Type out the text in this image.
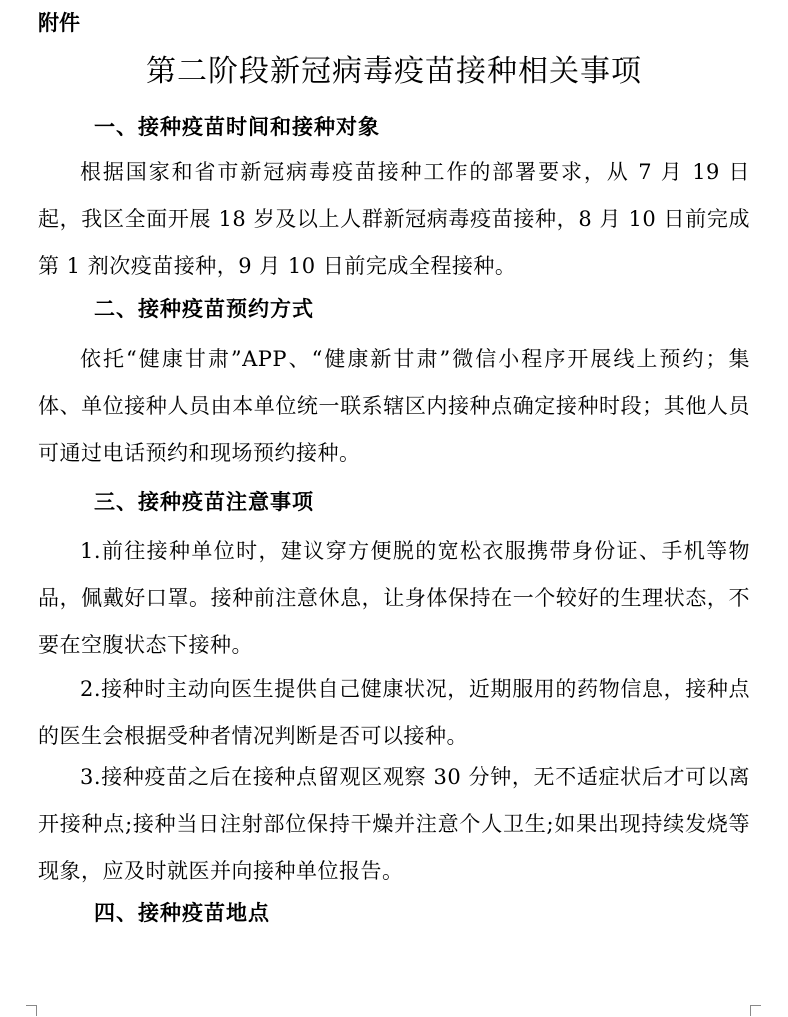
附件
第二阶段新冠病毒疫苗接种相关事项
一、接种疫苗时间和接种对象

根据国家和省市新冠病毒疫苗接种工作的部署要求，从 7 月 19 日起，我区全面开展 18 岁及以上人群新冠病毒疫苗接种，8 月 10 日前完成第 1 剂次疫苗接种，9 月 10 日前完成全程接种。

二、接种疫苗预约方式

依托“健康甘肃”APP、“健康新甘肃”微信小程序开展线上预约；集体、单位接种人员由本单位统一联系辖区内接种点确定接种时段；其他人员可通过电话预约和现场预约接种。

三、接种疫苗注意事项

1.前往接种单位时，建议穿方便脱的宽松衣服携带身份证、手机等物品，佩戴好口罩。接种前注意休息，让身体保持在一个较好的生理状态，不要在空腹状态下接种。

2.接种时主动向医生提供自己健康状况，近期服用的药物信息，接种点的医生会根据受种者情况判断是否可以接种。

3.接种疫苗之后在接种点留观区观察 30 分钟，无不适症状后才可以离开接种点;接种当日注射部位保持干燥并注意个人卫生;如果出现持续发烧等现象，应及时就医并向接种单位报告。

四、接种疫苗地点
